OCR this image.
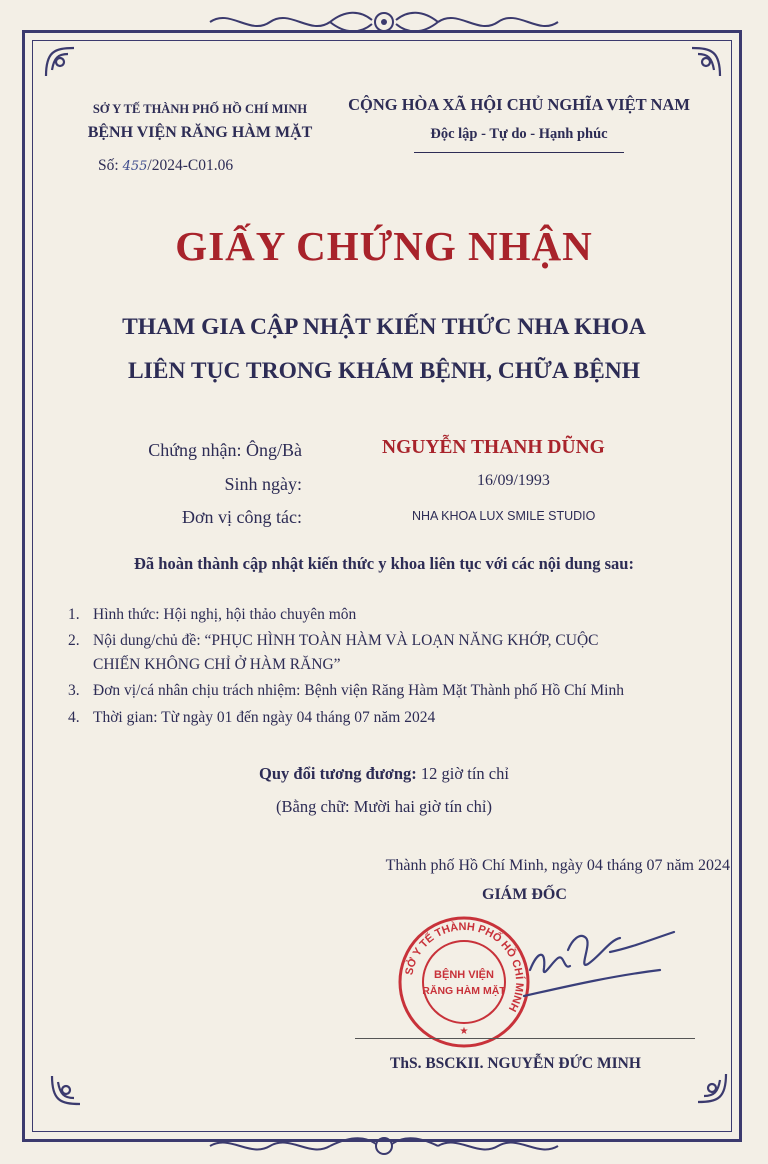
SỞ Y TẾ THÀNH PHỐ HỒ CHÍ MINH
BỆNH VIỆN RĂNG HÀM MẶT
Số: 455/2024-C01.06
CỘNG HÒA XÃ HỘI CHỦ NGHĨA VIỆT NAM
Độc lập - Tự do - Hạnh phúc
GIẤY CHỨNG NHẬN
THAM GIA CẬP NHẬT KIẾN THỨC NHA KHOA
LIÊN TỤC TRONG KHÁM BỆNH, CHỮA BỆNH
Chứng nhận: Ông/Bà	NGUYỄN THANH DŨNG
Sinh ngày:	16/09/1993
Đơn vị công tác:	NHA KHOA LUX SMILE STUDIO
Đã hoàn thành cập nhật kiến thức y khoa liên tục với các nội dung sau:
1. Hình thức: Hội nghị, hội thảo chuyên môn
2. Nội dung/chủ đề: “PHỤC HÌNH TOÀN HÀM VÀ LOẠN NĂNG KHỚP, CUỘC
CHIẾN KHÔNG CHỈ Ở HÀM RĂNG”
3. Đơn vị/cá nhân chịu trách nhiệm: Bệnh viện Răng Hàm Mặt Thành phố Hồ Chí Minh
4. Thời gian: Từ ngày 01 đến ngày 04 tháng 07 năm 2024
Quy đổi tương đương: 12 giờ tín chỉ
(Bằng chữ: Mười hai giờ tín chỉ)
Thành phố Hồ Chí Minh, ngày 04 tháng 07 năm 2024
GIÁM ĐỐC
SỞ Y TẾ THÀNH PHỐ HỒ CHÍ MINH
BỆNH VIỆN
RĂNG HÀM MẶT
★
ThS. BSCKII. NGUYỄN ĐỨC MINH
